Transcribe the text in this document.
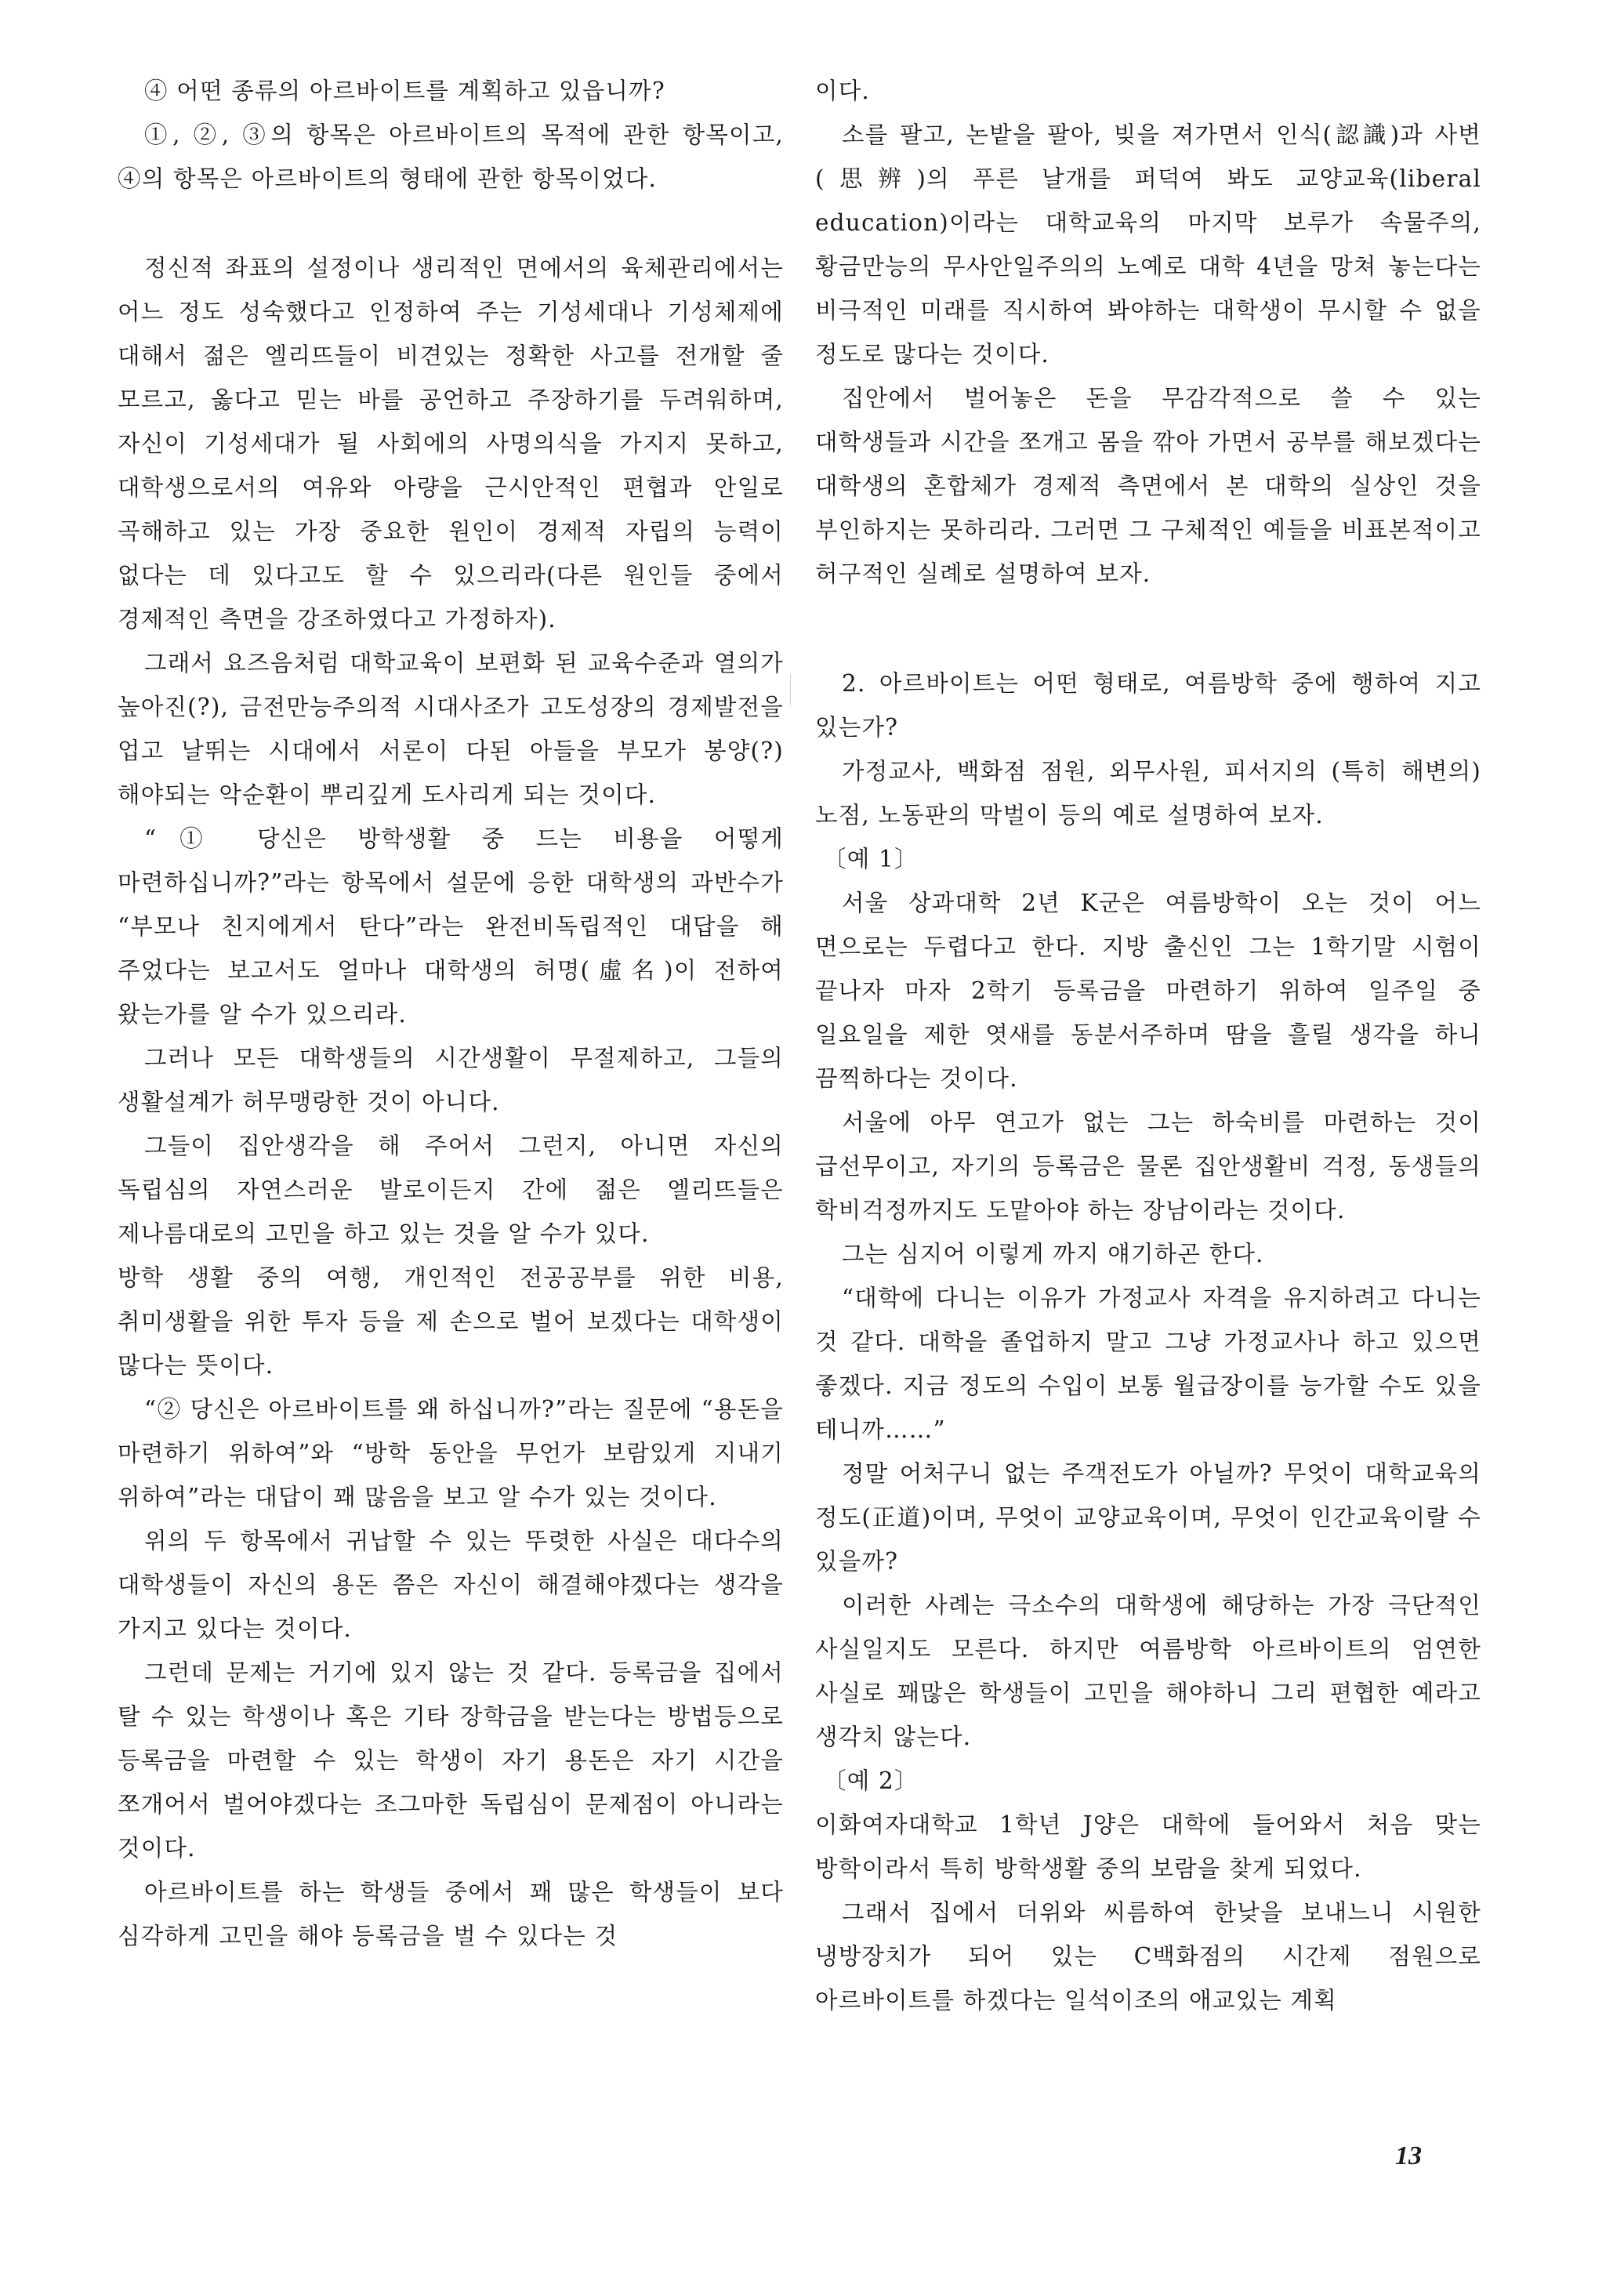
④ 어떤 종류의 아르바이트를 계획하고 있읍니까?

①, ②, ③의 항목은 아르바이트의 목적에 관한 항목이고, ④의 항목은 아르바이트의 형태에 관한 항목이었다.

정신적 좌표의 설정이나 생리적인 면에서의 육체관리에서는 어느 정도 성숙했다고 인정하여 주는 기성세대나 기성체제에 대해서 젊은 엘리뜨들이 비견있는 정확한 사고를 전개할 줄 모르고, 옳다고 믿는 바를 공언하고 주장하기를 두려워하며, 자신이 기성세대가 될 사회에의 사명의식을 가지지 못하고, 대학생으로서의 여유와 아량을 근시안적인 편협과 안일로 곡해하고 있는 가장 중요한 원인이 경제적 자립의 능력이 없다는 데 있다고도 할 수 있으리라(다른 원인들 중에서 경제적인 측면을 강조하였다고 가정하자).

그래서 요즈음처럼 대학교육이 보편화 된 교육수준과 열의가 높아진(?), 금전만능주의적 시대사조가 고도성장의 경제발전을 업고 날뛰는 시대에서 서론이 다된 아들을 부모가 봉양(?)해야되는 악순환이 뿌리깊게 도사리게 되는 것이다.

“① 당신은 방학생활 중 드는 비용을 어떻게 마련하십니까?”라는 항목에서 설문에 응한 대학생의 과반수가 “부모나 친지에게서 탄다”라는 완전비독립적인 대답을 해 주었다는 보고서도 얼마나 대학생의 허명(虛名)이 전하여 왔는가를 알 수가 있으리라.

그러나 모든 대학생들의 시간생활이 무절제하고, 그들의 생활설계가 허무맹랑한 것이 아니다.

그들이 집안생각을 해 주어서 그런지, 아니면 자신의 독립심의 자연스러운 발로이든지 간에 젊은 엘리뜨들은 제나름대로의 고민을 하고 있는 것을 알 수가 있다.

방학 생활 중의 여행, 개인적인 전공공부를 위한 비용, 취미생활을 위한 투자 등을 제 손으로 벌어 보겠다는 대학생이 많다는 뜻이다.

“② 당신은 아르바이트를 왜 하십니까?”라는 질문에 “용돈을 마련하기 위하여”와 “방학 동안을 무언가 보람있게 지내기 위하여”라는 대답이 꽤 많음을 보고 알 수가 있는 것이다.

위의 두 항목에서 귀납할 수 있는 뚜렷한 사실은 대다수의 대학생들이 자신의 용돈 쯤은 자신이 해결해야겠다는 생각을 가지고 있다는 것이다.

그런데 문제는 거기에 있지 않는 것 같다. 등록금을 집에서 탈 수 있는 학생이나 혹은 기타 장학금을 받는다는 방법등으로 등록금을 마련할 수 있는 학생이 자기 용돈은 자기 시간을 쪼개어서 벌어야겠다는 조그마한 독립심이 문제점이 아니라는 것이다.

아르바이트를 하는 학생들 중에서 꽤 많은 학생들이 보다 심각하게 고민을 해야 등록금을 벌 수 있다는 것

이다.

소를 팔고, 논밭을 팔아, 빚을 져가면서 인식(認識)과 사변(思辨)의 푸른 날개를 퍼덕여 봐도 교양교육(liberal education)이라는 대학교육의 마지막 보루가 속물주의, 황금만능의 무사안일주의의 노예로 대학 4년을 망쳐 놓는다는 비극적인 미래를 직시하여 봐야하는 대학생이 무시할 수 없을 정도로 많다는 것이다.

집안에서 벌어놓은 돈을 무감각적으로 쓸 수 있는 대학생들과 시간을 쪼개고 몸을 깎아 가면서 공부를 해보겠다는 대학생의 혼합체가 경제적 측면에서 본 대학의 실상인 것을 부인하지는 못하리라. 그러면 그 구체적인 예들을 비표본적이고 허구적인 실례로 설명하여 보자.

2. 아르바이트는 어떤 형태로, 여름방학 중에 행하여 지고 있는가?

가정교사, 백화점 점원, 외무사원, 피서지의 (특히 해변의) 노점, 노동판의 막벌이 등의 예로 설명하여 보자.

〔예 1〕

서울 상과대학 2년 K군은 여름방학이 오는 것이 어느 면으로는 두렵다고 한다. 지방 출신인 그는 1학기말 시험이 끝나자 마자 2학기 등록금을 마련하기 위하여 일주일 중 일요일을 제한 엿새를 동분서주하며 땀을 흘릴 생각을 하니 끔찍하다는 것이다.

서울에 아무 연고가 없는 그는 하숙비를 마련하는 것이 급선무이고, 자기의 등록금은 물론 집안생활비 걱정, 동생들의 학비걱정까지도 도맡아야 하는 장남이라는 것이다.

그는 심지어 이렇게 까지 얘기하곤 한다.

“대학에 다니는 이유가 가정교사 자격을 유지하려고 다니는 것 같다. 대학을 졸업하지 말고 그냥 가정교사나 하고 있으면 좋겠다. 지금 정도의 수입이 보통 월급장이를 능가할 수도 있을 테니까……”

정말 어처구니 없는 주객전도가 아닐까? 무엇이 대학교육의 정도(正道)이며, 무엇이 교양교육이며, 무엇이 인간교육이랄 수 있을까?

이러한 사례는 극소수의 대학생에 해당하는 가장 극단적인 사실일지도 모른다. 하지만 여름방학 아르바이트의 엄연한 사실로 꽤많은 학생들이 고민을 해야하니 그리 편협한 예라고 생각치 않는다.

〔예 2〕

이화여자대학교 1학년 J양은 대학에 들어와서 처음 맞는 방학이라서 특히 방학생활 중의 보람을 찾게 되었다.

그래서 집에서 더위와 씨름하여 한낮을 보내느니 시원한 냉방장치가 되어 있는 C백화점의 시간제 점원으로 아르바이트를 하겠다는 일석이조의 애교있는 계획

13
